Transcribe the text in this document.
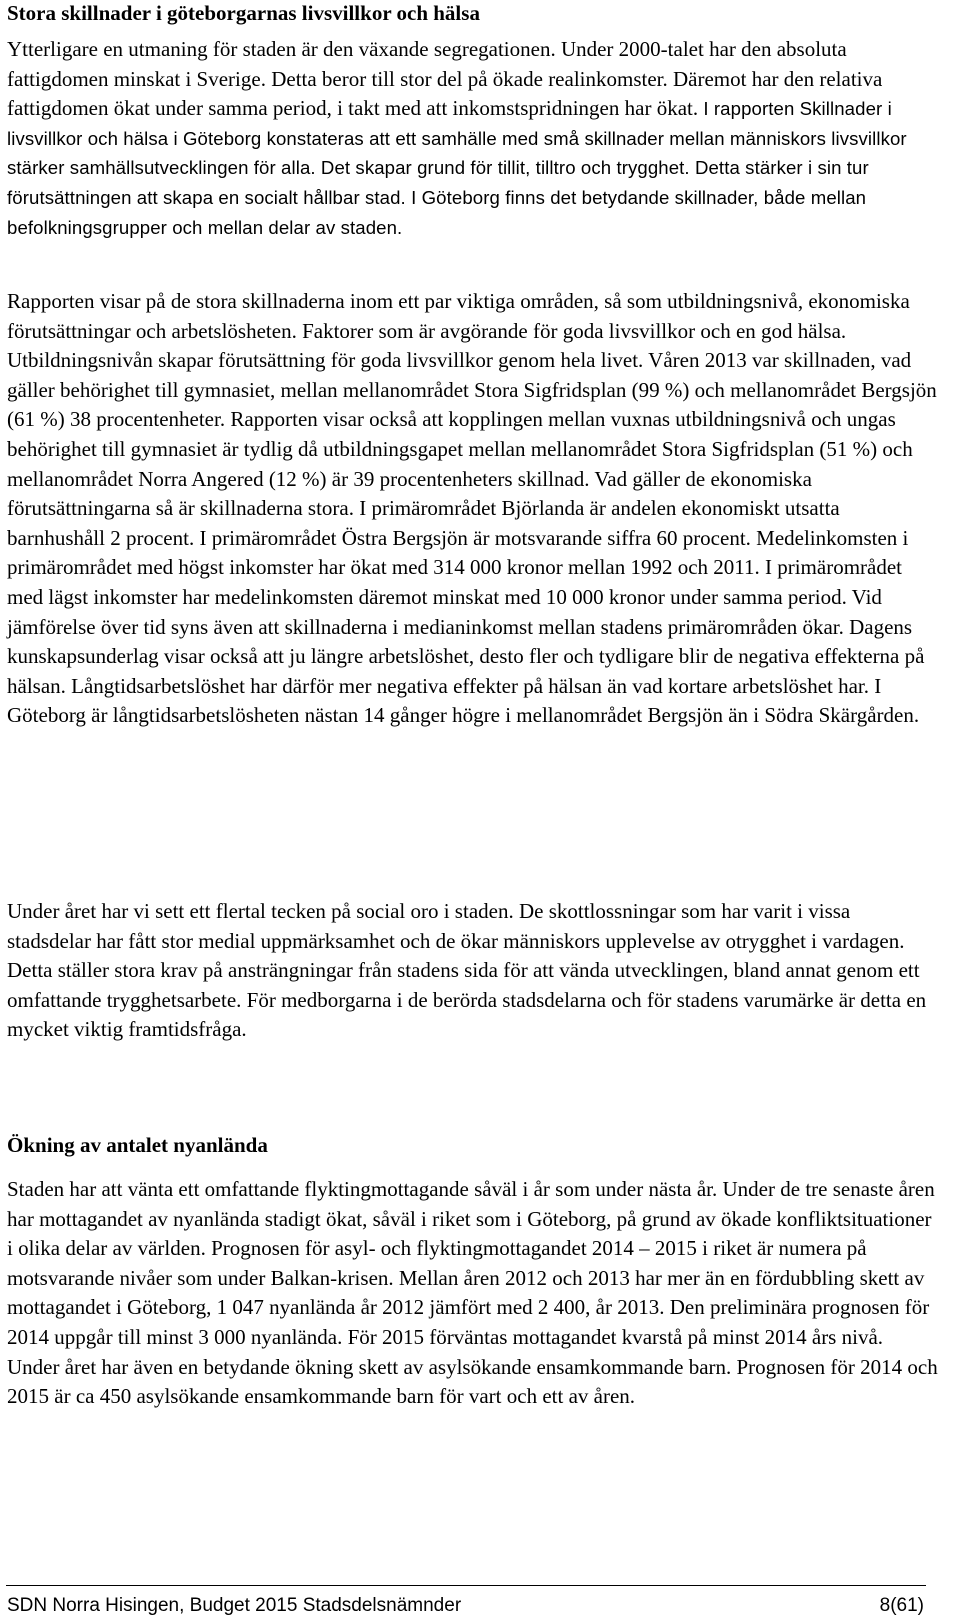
Stora skillnader i göteborgarnas livsvillkor och hälsa

Ytterligare en utmaning för staden är den växande segregationen. Under 2000-talet har den absoluta fattigdomen minskat i Sverige. Detta beror till stor del på ökade realinkomster. Däremot har den relativa fattigdomen ökat under samma period, i takt med att inkomstspridningen har ökat. I rapporten Skillnader i livsvillkor och hälsa i Göteborg konstateras att ett samhälle med små skillnader mellan människors livsvillkor stärker samhällsutvecklingen för alla. Det skapar grund för tillit, tilltro och trygghet. Detta stärker i sin tur förutsättningen att skapa en socialt hållbar stad. I Göteborg finns det betydande skillnader, både mellan befolkningsgrupper och mellan delar av staden.

Rapporten visar på de stora skillnaderna inom ett par viktiga områden, så som utbildningsnivå, ekonomiska förutsättningar och arbetslösheten. Faktorer som är avgörande för goda livsvillkor och en god hälsa. Utbildningsnivån skapar förutsättning för goda livsvillkor genom hela livet. Våren 2013 var skillnaden, vad gäller behörighet till gymnasiet, mellan mellanområdet Stora Sigfridsplan (99 %) och mellanområdet Bergsjön (61 %) 38 procentenheter. Rapporten visar också att kopplingen mellan vuxnas utbildningsnivå och ungas behörighet till gymnasiet är tydlig då utbildningsgapet mellan mellanområdet Stora Sigfridsplan (51 %) och mellanområdet Norra Angered (12 %) är 39 procentenheters skillnad. Vad gäller de ekonomiska förutsättningarna så är skillnaderna stora. I primärområdet Björlanda är andelen ekonomiskt utsatta barnhushåll 2 procent. I primärområdet Östra Bergsjön är motsvarande siffra 60 procent. Medelinkomsten i primärområdet med högst inkomster har ökat med 314 000 kronor mellan 1992 och 2011. I primärområdet med lägst inkomster har medelinkomsten däremot minskat med 10 000 kronor under samma period. Vid jämförelse över tid syns även att skillnaderna i medianinkomst mellan stadens primärområden ökar. Dagens kunskapsunderlag visar också att ju längre arbetslöshet, desto fler och tydligare blir de negativa effekterna på hälsan. Långtidsarbetslöshet har därför mer negativa effekter på hälsan än vad kortare arbetslöshet har. I Göteborg är långtidsarbetslösheten nästan 14 gånger högre i mellanområdet Bergsjön än i Södra Skärgården.

Under året har vi sett ett flertal tecken på social oro i staden. De skottlossningar som har varit i vissa stadsdelar har fått stor medial uppmärksamhet och de ökar människors upplevelse av otrygghet i vardagen. Detta ställer stora krav på ansträngningar från stadens sida för att vända utvecklingen, bland annat genom ett omfattande trygghetsarbete. För medborgarna i de berörda stadsdelarna och för stadens varumärke är detta en mycket viktig framtidsfråga.

Ökning av antalet nyanlända

Staden har att vänta ett omfattande flyktingmottagande såväl i år som under nästa år. Under de tre senaste åren har mottagandet av nyanlända stadigt ökat, såväl i riket som i Göteborg, på grund av ökade konfliktsituationer i olika delar av världen. Prognosen för asyl- och flyktingmottagandet 2014 – 2015 i riket är numera på motsvarande nivåer som under Balkan-krisen. Mellan åren 2012 och 2013 har mer än en fördubbling skett av mottagandet i Göteborg, 1 047 nyanlända år 2012 jämfört med 2 400, år 2013. Den preliminära prognosen för 2014 uppgår till minst 3 000 nyanlända. För 2015 förväntas mottagandet kvarstå på minst 2014 års nivå. Under året har även en betydande ökning skett av asylsökande ensamkommande barn. Prognosen för 2014 och 2015 är ca 450 asylsökande ensamkommande barn för vart och ett av åren.

SDN Norra Hisingen, Budget 2015 Stadsdelsnämnder	8(61)
